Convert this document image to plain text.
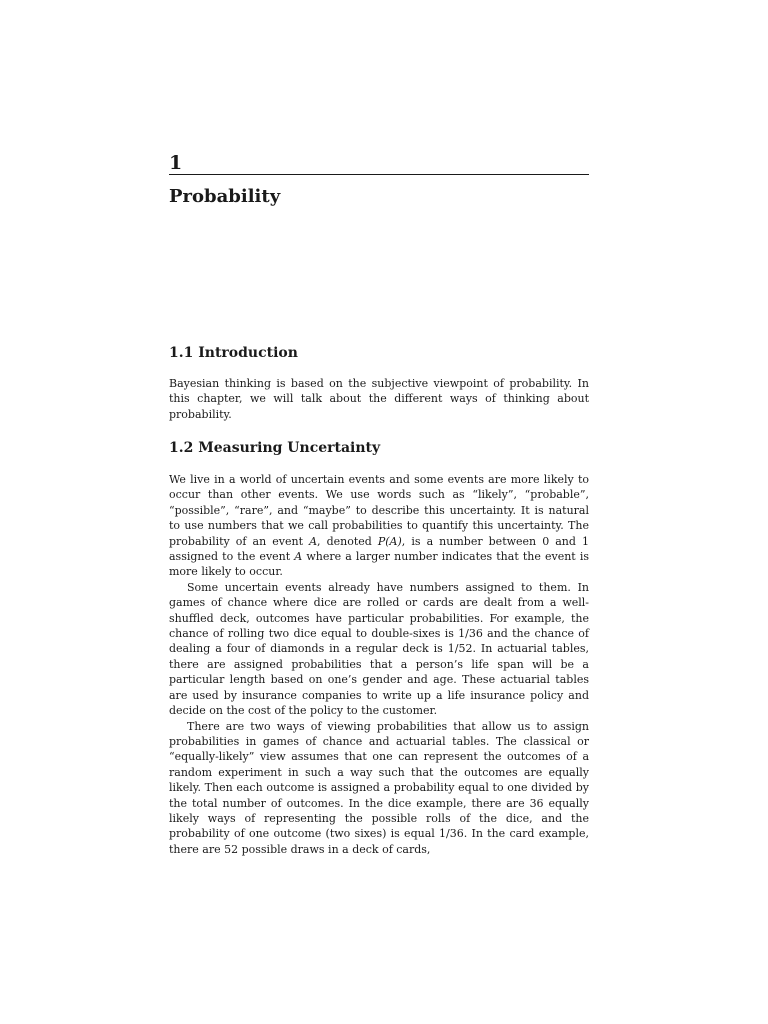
1
Probability
1.1 Introduction

Bayesian thinking is based on the subjective viewpoint of probability. In this chapter, we will talk about the different ways of thinking about probability.

1.2 Measuring Uncertainty

We live in a world of uncertain events and some events are more likely to occur than other events. We use words such as “likely”, “probable”, “possible”, “rare”, and “maybe” to describe this uncertainty. It is natural to use numbers that we call probabilities to quantify this uncertainty. The probability of an event A, denoted P(A), is a number between 0 and 1 assigned to the event A where a larger number indicates that the event is more likely to occur.

Some uncertain events already have numbers assigned to them. In games of chance where dice are rolled or cards are dealt from a well-shuffled deck, outcomes have particular probabilities. For example, the chance of rolling two dice equal to double-sixes is 1/36 and the chance of dealing a four of diamonds in a regular deck is 1/52. In actuarial tables, there are assigned probabilities that a person’s life span will be a particular length based on one’s gender and age. These actuarial tables are used by insurance companies to write up a life insurance policy and decide on the cost of the policy to the customer.

There are two ways of viewing probabilities that allow us to assign probabilities in games of chance and actuarial tables. The classical or “equally-likely” view assumes that one can represent the outcomes of a random experiment in such a way such that the outcomes are equally likely. Then each outcome is assigned a probability equal to one divided by the total number of outcomes. In the dice example, there are 36 equally likely ways of representing the possible rolls of the dice, and the probability of one outcome (two sixes) is equal 1/36. In the card example, there are 52 possible draws in a deck of cards,
